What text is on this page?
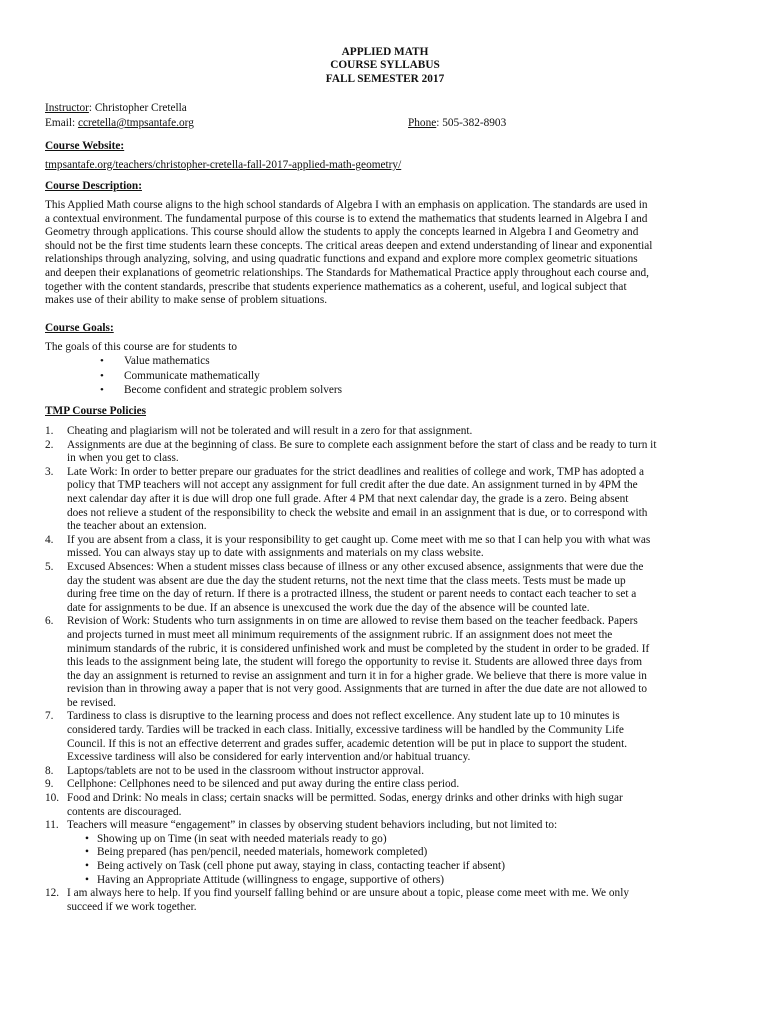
APPLIED MATH
COURSE SYLLABUS
FALL SEMESTER 2017
Instructor: Christopher Cretella
Email: ccretella@tmpsantafe.org	Phone: 505-382-8903
Course Website:
tmpsantafe.org/teachers/christopher-cretella-fall-2017-applied-math-geometry/
Course Description:
This Applied Math course aligns to the high school standards of Algebra I with an emphasis on application. The standards are used in
a contextual environment. The fundamental purpose of this course is to extend the mathematics that students learned in Algebra I and
Geometry through applications. This course should allow the students to apply the concepts learned in Algebra I and Geometry and
should not be the first time students learn these concepts. The critical areas deepen and extend understanding of linear and exponential
relationships through analyzing, solving, and using quadratic functions and expand and explore more complex geometric situations
and deepen their explanations of geometric relationships. The Standards for Mathematical Practice apply throughout each course and,
together with the content standards, prescribe that students experience mathematics as a coherent, useful, and logical subject that
makes use of their ability to make sense of problem situations.
Course Goals:
The goals of this course are for students to
• Value mathematics
• Communicate mathematically
• Become confident and strategic problem solvers
TMP Course Policies
1.	Cheating and plagiarism will not be tolerated and will result in a zero for that assignment.
2.	Assignments are due at the beginning of class. Be sure to complete each assignment before the start of class and be ready to turn it
in when you get to class.
3.	Late Work: In order to better prepare our graduates for the strict deadlines and realities of college and work, TMP has adopted a
policy that TMP teachers will not accept any assignment for full credit after the due date. An assignment turned in by 4PM the
next calendar day after it is due will drop one full grade. After 4 PM that next calendar day, the grade is a zero. Being absent
does not relieve a student of the responsibility to check the website and email in an assignment that is due, or to correspond with
the teacher about an extension.
4.	If you are absent from a class, it is your responsibility to get caught up. Come meet with me so that I can help you with what was
missed. You can always stay up to date with assignments and materials on my class website.
5.	Excused Absences: When a student misses class because of illness or any other excused absence, assignments that were due the
day the student was absent are due the day the student returns, not the next time that the class meets. Tests must be made up
during free time on the day of return. If there is a protracted illness, the student or parent needs to contact each teacher to set a
date for assignments to be due. If an absence is unexcused the work due the day of the absence will be counted late.
6.	Revision of Work: Students who turn assignments in on time are allowed to revise them based on the teacher feedback. Papers
and projects turned in must meet all minimum requirements of the assignment rubric. If an assignment does not meet the
minimum standards of the rubric, it is considered unfinished work and must be completed by the student in order to be graded. If
this leads to the assignment being late, the student will forego the opportunity to revise it. Students are allowed three days from
the day an assignment is returned to revise an assignment and turn it in for a higher grade. We believe that there is more value in
revision than in throwing away a paper that is not very good. Assignments that are turned in after the due date are not allowed to
be revised.
7.	Tardiness to class is disruptive to the learning process and does not reflect excellence. Any student late up to 10 minutes is
considered tardy. Tardies will be tracked in each class. Initially, excessive tardiness will be handled by the Community Life
Council. If this is not an effective deterrent and grades suffer, academic detention will be put in place to support the student.
Excessive tardiness will also be considered for early intervention and/or habitual truancy.
8.	Laptops/tablets are not to be used in the classroom without instructor approval.
9.	Cellphone: Cellphones need to be silenced and put away during the entire class period.
10. Food and Drink: No meals in class; certain snacks will be permitted. Sodas, energy drinks and other drinks with high sugar
contents are discouraged.
11. Teachers will measure “engagement” in classes by observing student behaviors including, but not limited to:
• Showing up on Time (in seat with needed materials ready to go)
• Being prepared (has pen/pencil, needed materials, homework completed)
• Being actively on Task (cell phone put away, staying in class, contacting teacher if absent)
• Having an Appropriate Attitude (willingness to engage, supportive of others)
12. I am always here to help. If you find yourself falling behind or are unsure about a topic, please come meet with me. We only
succeed if we work together.
